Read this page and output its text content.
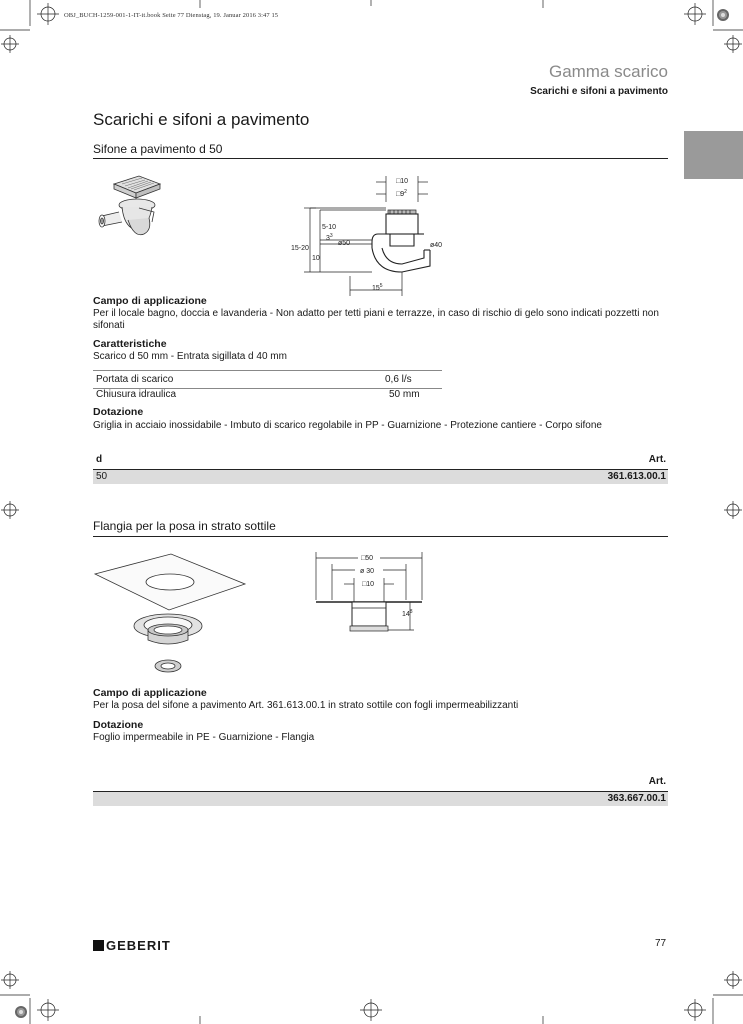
OBJ_BUCH-1259-001-1-IT-it.book Seite 77 Dienstag, 19. Januar 2016 3:47 15
Gamma scarico
Scarichi e sifoni a pavimento
Scarichi e sifoni a pavimento
Sifone a pavimento d 50
□10
$□9^2$
5-10
$3^3$
15-20
10
ø50	ø40
$15^5$
Campo di applicazione
Per il locale bagno, doccia e lavanderia - Non adatto per tetti piani e terrazze, in caso di rischio di gelo sono indicati pozzetti non sifonati
Caratteristiche
Scarico d 50 mm - Entrata sigillata d 40 mm
Portata di scarico	0,6 l/s
Chiusura idraulica	50 mm
Dotazione
Griglia in acciaio inossidabile - Imbuto di scarico regolabile in PP - Guarnizione - Protezione cantiere - Corpo sifone
d	Art.
50	361.613.00.1
Flangia per la posa in strato sottile
□50
ø 30
□10
$14^8$
Campo di applicazione
Per la posa del sifone a pavimento Art. 361.613.00.1 in strato sottile con fogli impermeabilizzanti
Dotazione
Foglio impermeabile in PE - Guarnizione - Flangia
Art.
363.667.00.1
GEBERIT	77
